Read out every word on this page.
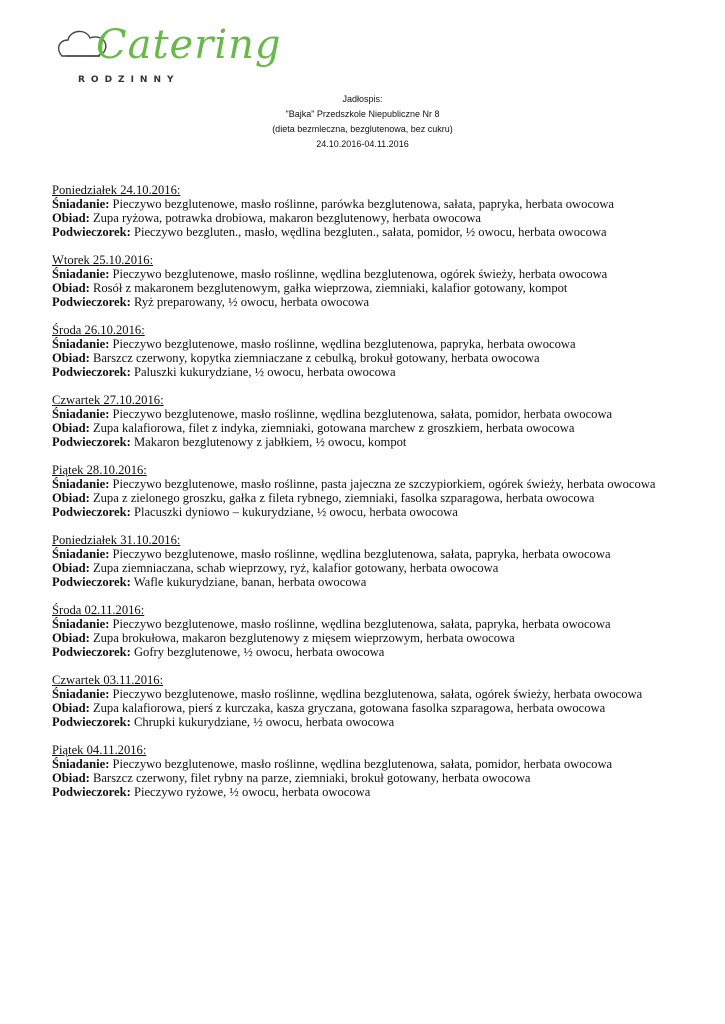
Catering
RODZINNY
Jadłospis:
"Bajka" Przedszkole Niepubliczne Nr 8
(dieta bezmleczna, bezglutenowa, bez cukru)
24.10.2016-04.11.2016
Poniedziałek 24.10.2016:
Śniadanie: Pieczywo bezglutenowe, masło roślinne, parówka bezglutenowa, sałata, papryka, herbata owocowa
Obiad: Zupa ryżowa, potrawka drobiowa, makaron bezglutenowy, herbata owocowa
Podwieczorek: Pieczywo bezgluten., masło, wędlina bezgluten., sałata, pomidor, ½ owocu, herbata owocowa
Wtorek 25.10.2016:
Śniadanie: Pieczywo bezglutenowe, masło roślinne, wędlina bezglutenowa, ogórek świeży, herbata owocowa
Obiad: Rosół z makaronem bezglutenowym, gałka wieprzowa, ziemniaki, kalafior gotowany, kompot
Podwieczorek: Ryż preparowany, ½ owocu, herbata owocowa
Środa 26.10.2016:
Śniadanie: Pieczywo bezglutenowe, masło roślinne, wędlina bezglutenowa, papryka, herbata owocowa
Obiad: Barszcz czerwony, kopytka ziemniaczane z cebulką, brokuł gotowany, herbata owocowa
Podwieczorek: Paluszki kukurydziane, ½ owocu, herbata owocowa
Czwartek 27.10.2016:
Śniadanie: Pieczywo bezglutenowe, masło roślinne, wędlina bezglutenowa, sałata, pomidor, herbata owocowa
Obiad: Zupa kalafiorowa, filet z indyka, ziemniaki, gotowana marchew z groszkiem, herbata owocowa
Podwieczorek: Makaron bezglutenowy z jabłkiem, ½ owocu, kompot
Piątek 28.10.2016:
Śniadanie: Pieczywo bezglutenowe, masło roślinne, pasta jajeczna ze szczypiorkiem, ogórek świeży, herbata owocowa
Obiad: Zupa z zielonego groszku, gałka z fileta rybnego, ziemniaki, fasolka szparagowa, herbata owocowa
Podwieczorek: Placuszki dyniowo – kukurydziane, ½ owocu, herbata owocowa
Poniedziałek 31.10.2016:
Śniadanie: Pieczywo bezglutenowe, masło roślinne, wędlina bezglutenowa, sałata, papryka, herbata owocowa
Obiad: Zupa ziemniaczana, schab wieprzowy, ryż, kalafior gotowany, herbata owocowa
Podwieczorek: Wafle kukurydziane, banan, herbata owocowa
Środa 02.11.2016:
Śniadanie: Pieczywo bezglutenowe, masło roślinne, wędlina bezglutenowa, sałata, papryka, herbata owocowa
Obiad: Zupa brokułowa, makaron bezglutenowy z mięsem wieprzowym, herbata owocowa
Podwieczorek: Gofry bezglutenowe, ½ owocu, herbata owocowa
Czwartek 03.11.2016:
Śniadanie: Pieczywo bezglutenowe, masło roślinne, wędlina bezglutenowa, sałata, ogórek świeży, herbata owocowa
Obiad: Zupa kalafiorowa, pierś z kurczaka, kasza gryczana, gotowana fasolka szparagowa, herbata owocowa
Podwieczorek: Chrupki kukurydziane, ½ owocu, herbata owocowa
Piątek 04.11.2016:
Śniadanie: Pieczywo bezglutenowe, masło roślinne, wędlina bezglutenowa, sałata, pomidor, herbata owocowa
Obiad: Barszcz czerwony, filet rybny na parze, ziemniaki, brokuł gotowany, herbata owocowa
Podwieczorek: Pieczywo ryżowe, ½ owocu, herbata owocowa
